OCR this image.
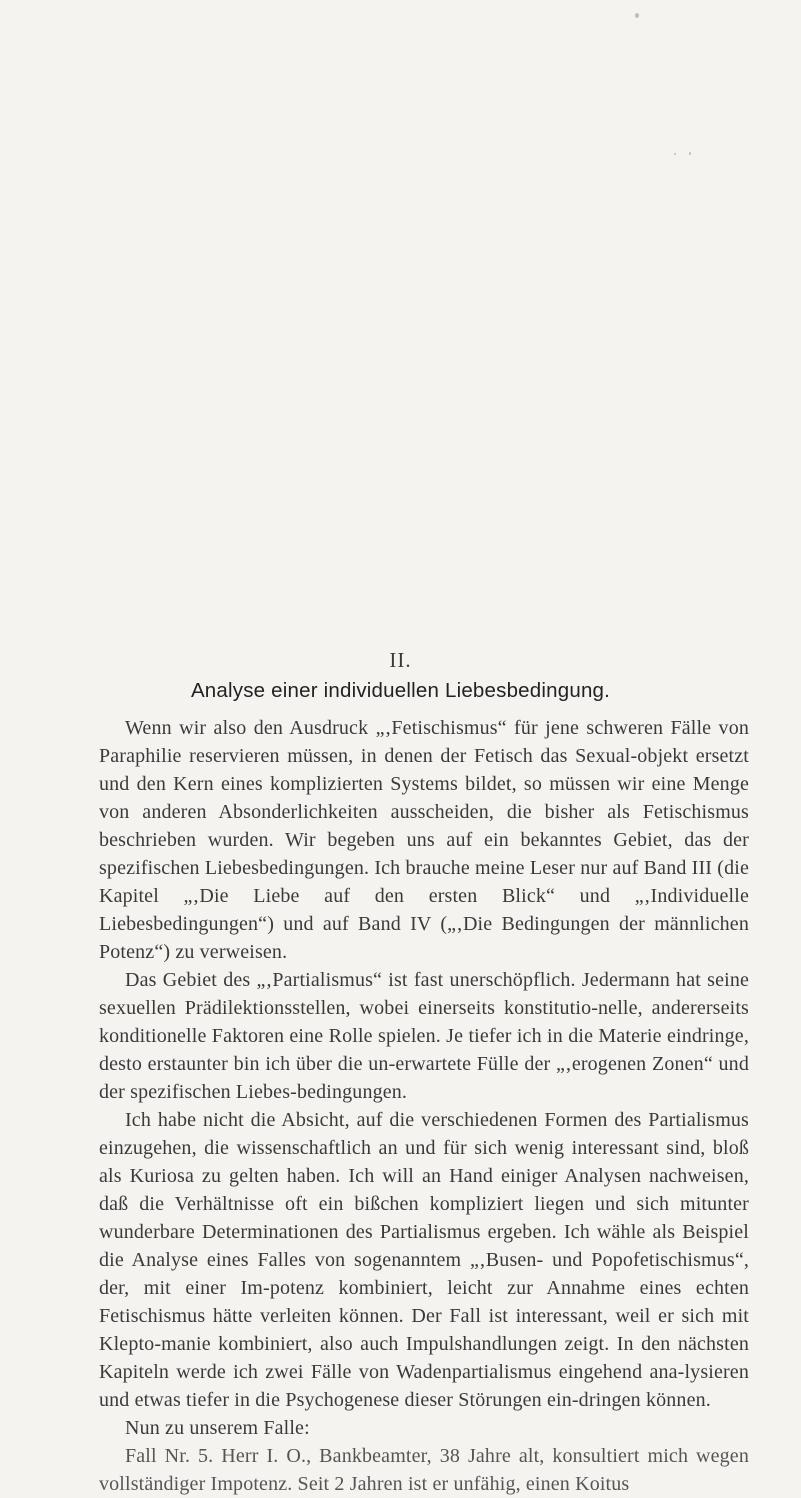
II.
Analyse einer individuellen Liebesbedingung.

Wenn wir also den Ausdruck „‚Fetischismus“ für jene schweren Fälle von Paraphilie reservieren müssen, in denen der Fetisch das Sexual-objekt ersetzt und den Kern eines komplizierten Systems bildet, so müssen wir eine Menge von anderen Absonderlichkeiten ausscheiden, die bisher als Fetischismus beschrieben wurden. Wir begeben uns auf ein bekanntes Gebiet, das der spezifischen Liebesbedingungen. Ich brauche meine Leser nur auf Band III (die Kapitel „‚Die Liebe auf den ersten Blick“ und „‚Individuelle Liebesbedingungen“) und auf Band IV („‚Die Bedingungen der männlichen Potenz“) zu verweisen.

Das Gebiet des „‚Partialismus“ ist fast unerschöpflich. Jedermann hat seine sexuellen Prädilektionsstellen, wobei einerseits konstitutio-nelle, andererseits konditionelle Faktoren eine Rolle spielen. Je tiefer ich in die Materie eindringe, desto erstaunter bin ich über die un-erwartete Fülle der „‚erogenen Zonen“ und der spezifischen Liebes-bedingungen.

Ich habe nicht die Absicht, auf die verschiedenen Formen des Partialismus einzugehen, die wissenschaftlich an und für sich wenig interessant sind, bloß als Kuriosa zu gelten haben. Ich will an Hand einiger Analysen nachweisen, daß die Verhältnisse oft ein bißchen kompliziert liegen und sich mitunter wunderbare Determinationen des Partialismus ergeben. Ich wähle als Beispiel die Analyse eines Falles von sogenanntem „‚Busen- und Popofetischismus“, der, mit einer Im-potenz kombiniert, leicht zur Annahme eines echten Fetischismus hätte verleiten können. Der Fall ist interessant, weil er sich mit Klepto-manie kombiniert, also auch Impulshandlungen zeigt. In den nächsten Kapiteln werde ich zwei Fälle von Wadenpartialismus eingehend ana-lysieren und etwas tiefer in die Psychogenese dieser Störungen ein-dringen können.

Nun zu unserem Falle:

Fall Nr. 5. Herr I. O., Bankbeamter, 38 Jahre alt, konsultiert mich wegen vollständiger Impotenz. Seit 2 Jahren ist er unfähig, einen Koitus
